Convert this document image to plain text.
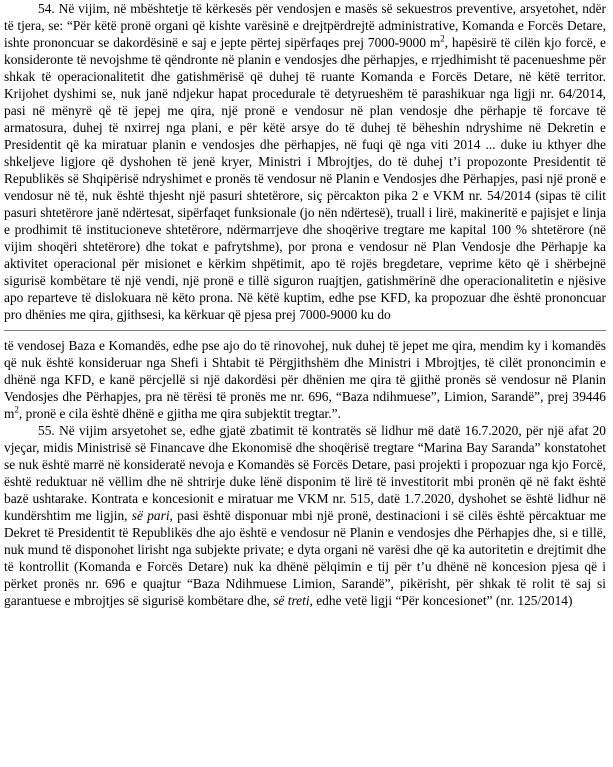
54. Në vijim, në mbështetje të kërkesës për vendosjen e masës së sekuestros preventive, arsyetohet, ndër të tjera, se: “Për këtë pronë organi që kishte varësinë e drejtpërdrejtë administrative, Komanda e Forcës Detare, ishte prononcuar se dakordësinë e saj e jepte përtej sipërfaqes prej 7000-9000 $m^2$, hapësirë të cilën kjo forcë, e konsideronte të nevojshme të qëndronte në planin e vendosjes dhe përhapjes, e rrjedhimisht të pacenueshme për shkak të operacionalitetit dhe gatishmërisë që duhej të ruante Komanda e Forcës Detare, në këtë territor. Krijohet dyshimi se, nuk janë ndjekur hapat procedurale të detyrueshëm të parashikuar nga ligji nr. 64/2014, pasi në mënyrë që të jepej me qira, një pronë e vendosur në plan vendosje dhe përhapje të forcave të armatosura, duhej të nxirrej nga plani, e për këtë arsye do të duhej të bëheshin ndryshime në Dekretin e Presidentit që ka miratuar planin e vendosjes dhe përhapjes, në fuqi që nga viti 2014 ... duke iu kthyer dhe shkeljeve ligjore që dyshohen të jenë kryer, Ministri i Mbrojtjes, do të duhej t’i propozonte Presidentit të Republikës së Shqipërisë ndryshimet e pronës të vendosur në Planin e Vendosjes dhe Përhapjes, pasi një pronë e vendosur në të, nuk është thjesht një pasuri shtetërore, siç përcakton pika 2 e VKM nr. 54/2014 (sipas të cilit pasuri shtetërore janë ndërtesat, sipërfaqet funksionale (jo nën ndërtesë), truall i lirë, makineritë e pajisjet e linja e prodhimit të institucioneve shtetërore, ndërmarrjeve dhe shoqërive tregtare me kapital 100 % shtetërore (në vijim shoqëri shtetërore) dhe tokat e pafrytshme), por prona e vendosur në Plan Vendosje dhe Përhapje ka aktivitet operacional për misionet e kërkim shpëtimit, apo të rojës bregdetare, veprime këto që i shërbejnë sigurisë kombëtare të një vendi, një pronë e tillë siguron ruajtjen, gatishmërinë dhe operacionalitetin e njësive apo reparteve të dislokuara në këto prona. Në këtë kuptim, edhe pse KFD, ka propozuar dhe është prononcuar pro dhënies me qira, gjithsesi, ka kërkuar që pjesa prej 7000-9000 ku do

të vendosej Baza e Komandës, edhe pse ajo do të rinovohej, nuk duhej të jepet me qira, mendim ky i komandës që nuk është konsideruar nga Shefi i Shtabit të Përgjithshëm dhe Ministri i Mbrojtjes, të cilët prononcimin e dhënë nga KFD, e kanë përcjellë si një dakordësi për dhënien me qira të gjithë pronës së vendosur në Planin Vendosjes dhe Përhapjes, pra në tërësi të pronës me nr. 696, “Baza ndihmuese”, Limion, Sarandë”, prej 39446 $m^2$, pronë e cila është dhënë e gjitha me qira subjektit tregtar.”.

55. Në vijim arsyetohet se, edhe gjatë zbatimit të kontratës së lidhur më datë 16.7.2020, për një afat 20 vjeçar, midis Ministrisë së Financave dhe Ekonomisë dhe shoqërisë tregtare “Marina Bay Saranda” konstatohet se nuk është marrë në konsideratë nevoja e Komandës së Forcës Detare, pasi projekti i propozuar nga kjo Forcë, është reduktuar në vëllim dhe në shtrirje duke lënë disponim të lirë të investitorit mbi pronën që në fakt është bazë ushtarake. Kontrata e koncesionit e miratuar me VKM nr. 515, datë 1.7.2020, dyshohet se është lidhur në kundërshtim me ligjin, së pari, pasi është disponuar mbi një pronë, destinacioni i së cilës është përcaktuar me Dekret të Presidentit të Republikës dhe ajo është e vendosur në Planin e vendosjes dhe Përhapjes dhe, si e tillë, nuk mund të disponohet lirisht nga subjekte private; e dyta organi në varësi dhe që ka autoritetin e drejtimit dhe të kontrollit (Komanda e Forcës Detare) nuk ka dhënë pëlqimin e tij për t’u dhënë në koncesion pjesa që i përket pronës nr. 696 e quajtur “Baza Ndihmuese Limion, Sarandë”, pikërisht, për shkak të rolit të saj si garantuese e mbrojtjes së sigurisë kombëtare dhe, së treti, edhe vetë ligji “Për koncesionet” (nr. 125/2014)
